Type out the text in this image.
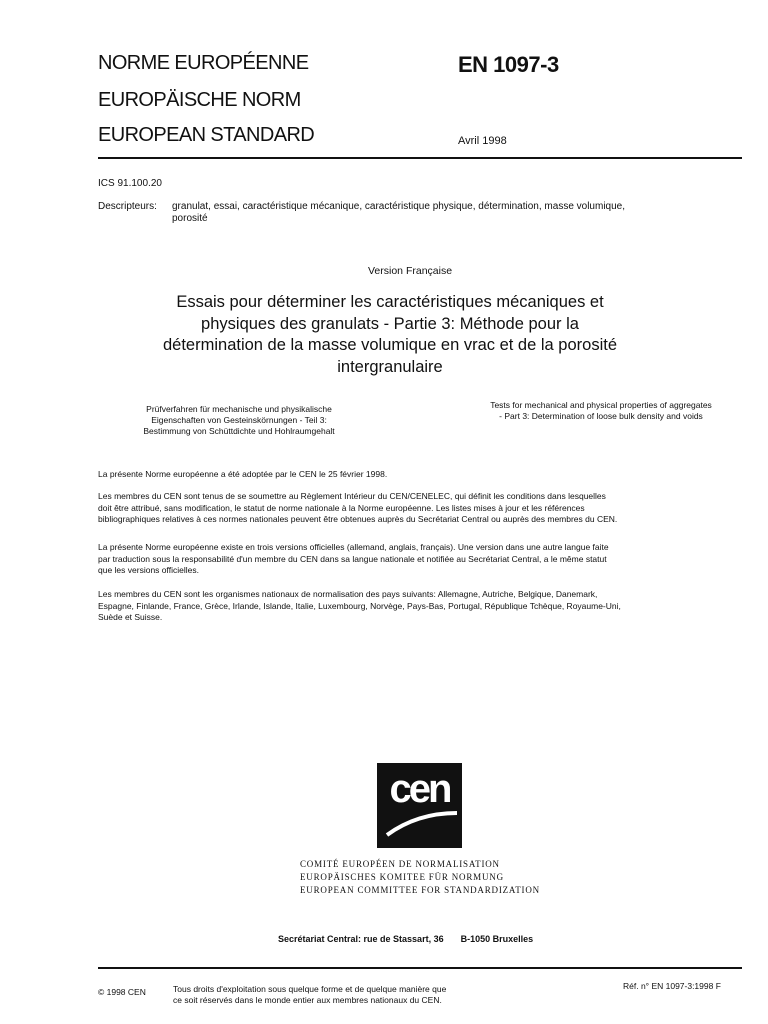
NORME EUROPÉENNE
EUROPÄISCHE NORM
EUROPEAN STANDARD
EN 1097-3
Avril 1998
ICS 91.100.20
Descripteurs: granulat, essai, caractéristique mécanique, caractéristique physique, détermination, masse volumique,
porosité
Version Française
Essais pour déterminer les caractéristiques mécaniques et
physiques des granulats - Partie 3: Méthode pour la
détermination de la masse volumique en vrac et de la porosité
intergranulaire
Prüfverfahren für mechanische und physikalische
Eigenschaften von Gesteinskörnungen - Teil 3:
Bestimmung von Schüttdichte und Hohlraumgehalt
Tests for mechanical and physical properties of aggregates
- Part 3: Determination of loose bulk density and voids
La présente Norme européenne a été adoptée par le CEN le 25 février 1998.
Les membres du CEN sont tenus de se soumettre au Règlement Intérieur du CEN/CENELEC, qui définit les conditions dans lesquelles
doit être attribué, sans modification, le statut de norme nationale à la Norme européenne. Les listes mises à jour et les références
bibliographiques relatives à ces normes nationales peuvent être obtenues auprès du Secrétariat Central ou auprès des membres du CEN.
La présente Norme européenne existe en trois versions officielles (allemand, anglais, français). Une version dans une autre langue faite
par traduction sous la responsabilité d'un membre du CEN dans sa langue nationale et notifiée au Secrétariat Central, a le même statut
que les versions officielles.
Les membres du CEN sont les organismes nationaux de normalisation des pays suivants: Allemagne, Autriche, Belgique, Danemark,
Espagne, Finlande, France, Grèce, Irlande, Islande, Italie, Luxembourg, Norvège, Pays-Bas, Portugal, République Tchèque, Royaume-Uni,
Suède et Suisse.
cen
COMITÉ EUROPÉEN DE NORMALISATION
EUROPÄISCHES KOMITEE FÜR NORMUNG
EUROPEAN COMMITTEE FOR STANDARDIZATION
Secrétariat Central: rue de Stassart, 36 B-1050 Bruxelles
© 1998 CEN	Tous droits d'exploitation sous quelque forme et de quelque manière que
ce soit réservés dans le monde entier aux membres nationaux du CEN.
Réf. n° EN 1097-3:1998 F
